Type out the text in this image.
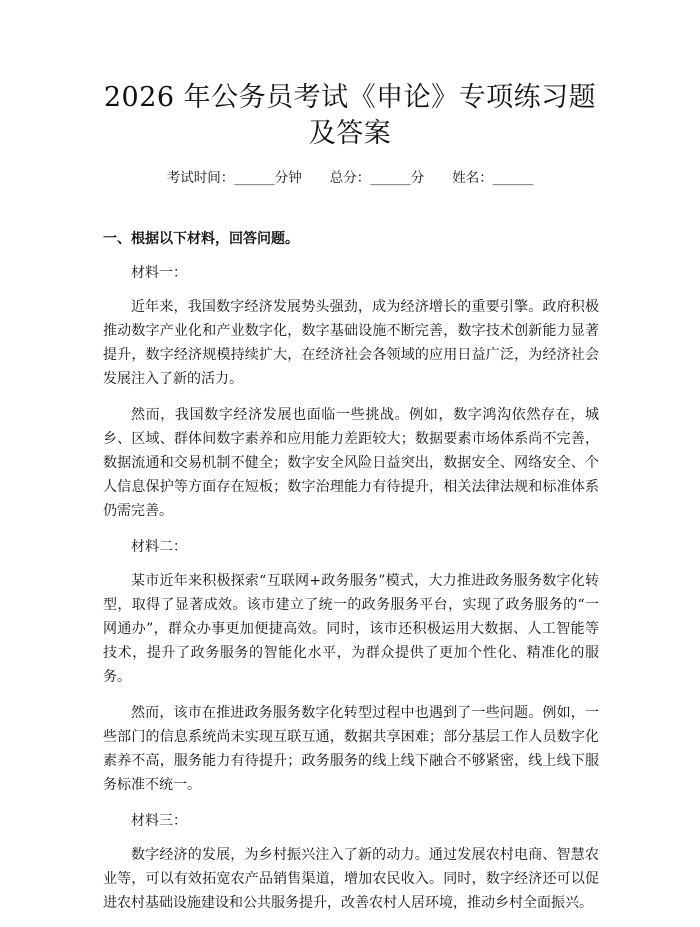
2026 年公务员考试《申论》专项练习题及答案
考试时间：______分钟 总分：______分 姓名：______
一、根据以下材料，回答问题。
材料一：

近年来，我国数字经济发展势头强劲，成为经济增长的重要引擎。政府积极推动数字产业化和产业数字化，数字基础设施不断完善，数字技术创新能力显著提升，数字经济规模持续扩大，在经济社会各领域的应用日益广泛，为经济社会发展注入了新的活力。

然而，我国数字经济发展也面临一些挑战。例如，数字鸿沟依然存在，城乡、区域、群体间数字素养和应用能力差距较大；数据要素市场体系尚不完善，数据流通和交易机制不健全；数字安全风险日益突出，数据安全、网络安全、个人信息保护等方面存在短板；数字治理能力有待提升，相关法律法规和标准体系仍需完善。

材料二：

某市近年来积极探索“互联网+政务服务”模式，大力推进政务服务数字化转型，取得了显著成效。该市建立了统一的政务服务平台，实现了政务服务的“一网通办”，群众办事更加便捷高效。同时，该市还积极运用大数据、人工智能等技术，提升了政务服务的智能化水平，为群众提供了更加个性化、精准化的服务。

然而，该市在推进政务服务数字化转型过程中也遇到了一些问题。例如，一些部门的信息系统尚未实现互联互通，数据共享困难；部分基层工作人员数字化素养不高，服务能力有待提升；政务服务的线上线下融合不够紧密，线上线下服务标准不统一。

材料三：

数字经济的发展，为乡村振兴注入了新的动力。通过发展农村电商、智慧农业等，可以有效拓宽农产品销售渠道，增加农民收入。同时，数字经济还可以促进农村基础设施建设和公共服务提升，改善农村人居环境，推动乡村全面振兴。
